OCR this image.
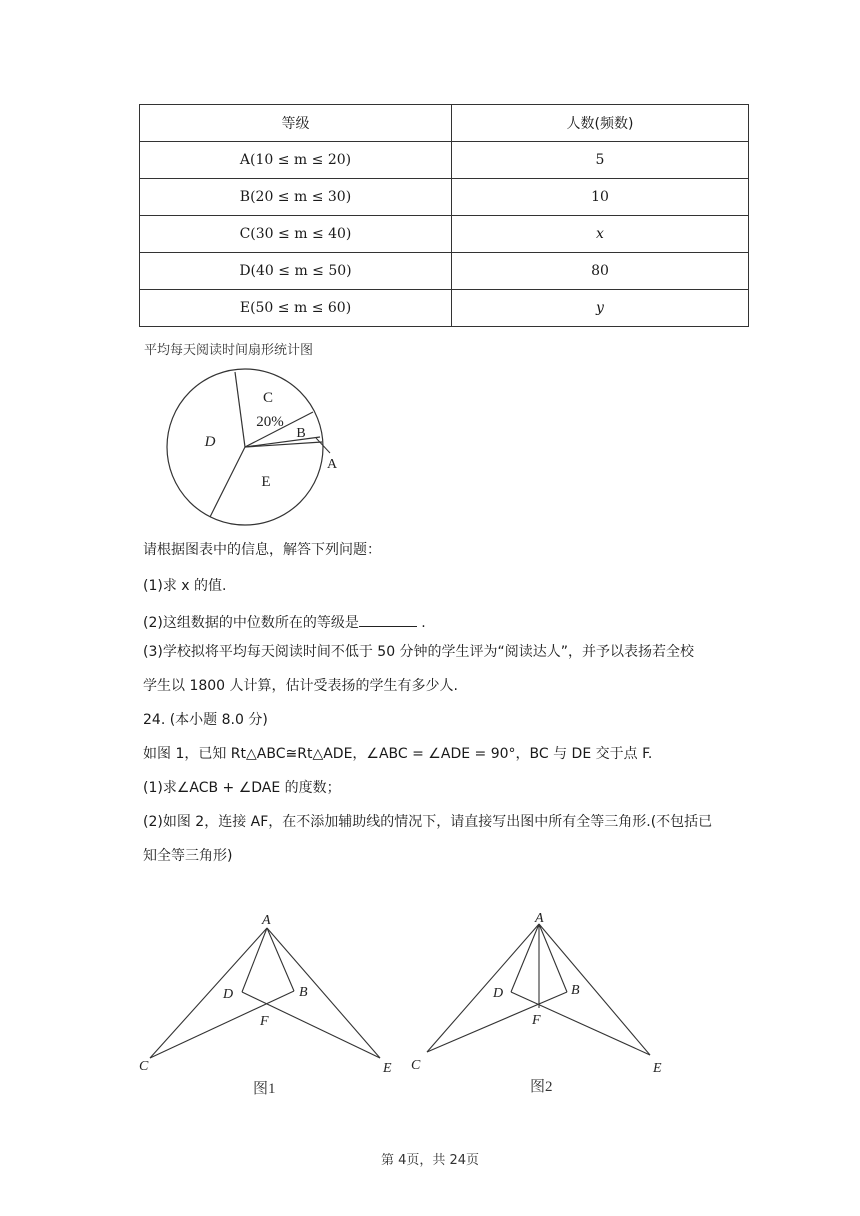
等级	人数(频数)
A(10 ≤ m ≤ 20)	5
B(20 ≤ m ≤ 30)	10
C(30 ≤ m ≤ 40)	x
D(40 ≤ m ≤ 50)	80
E(50 ≤ m ≤ 60)	y
平均每天阅读时间扇形统计图
C
20%
B
A
D
E
请根据图表中的信息，解答下列问题：
(1)求 x 的值.
(2)这组数据的中位数所在的等级是	.
(3)学校拟将平均每天阅读时间不低于 50 分钟的学生评为“阅读达人”，并予以表扬若全校
学生以 1800 人计算，估计受表扬的学生有多少人.
24. (本小题 8.0 分)
如图 1，已知 Rt△ABC≅Rt△ADE，∠ABC = ∠ADE = 90°，BC 与 DE 交于点 F.
(1)求∠ACB + ∠DAE 的度数；
(2)如图 2，连接 AF，在不添加辅助线的情况下，请直接写出图中所有全等三角形.(不包括已
知全等三角形)
A
D	B
F
C	E
图1
A
D	B
F
C	E
图2
第 4页，共 24页
